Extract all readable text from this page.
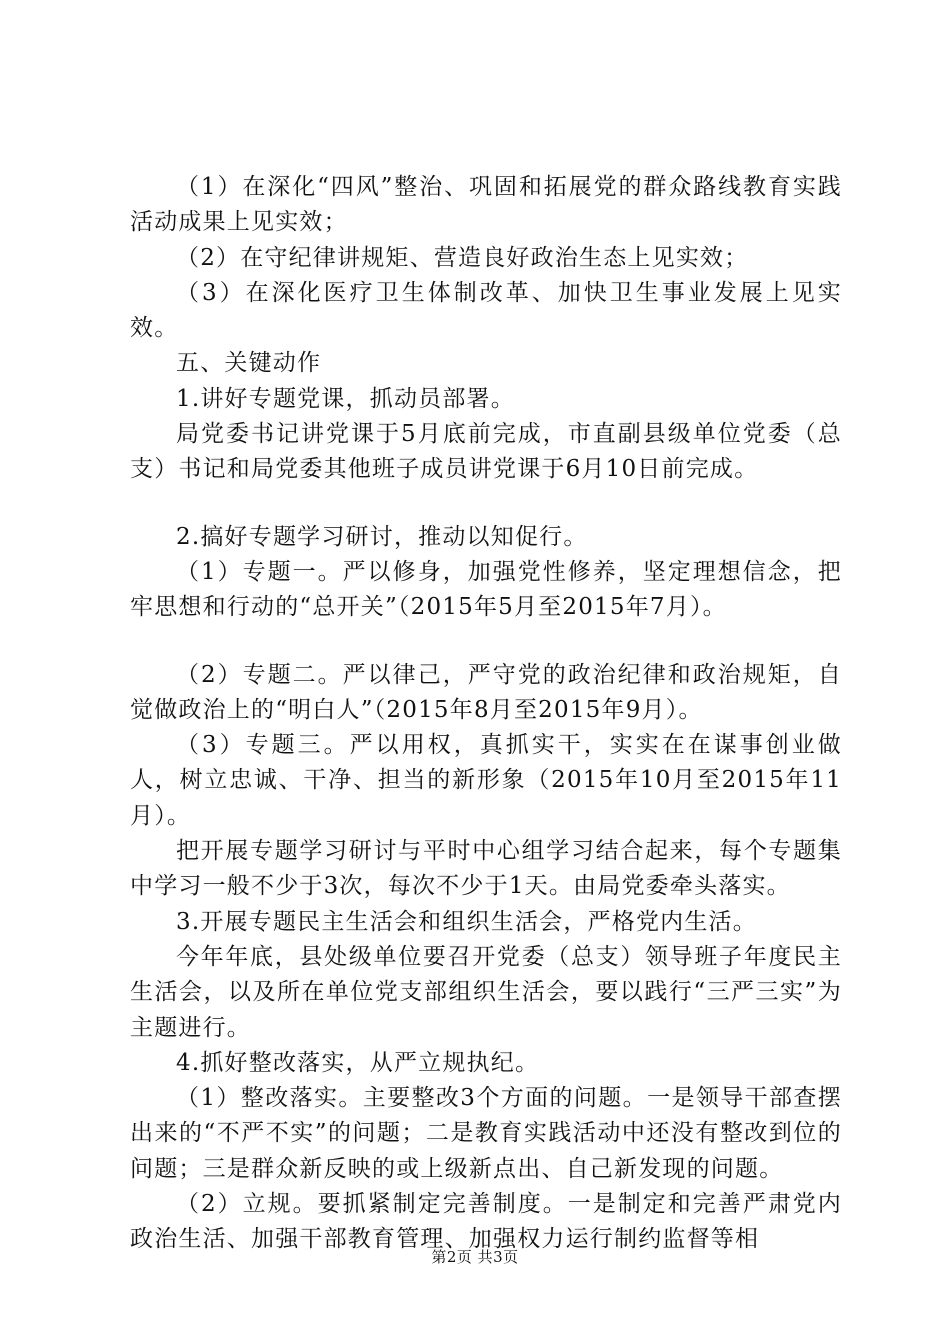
（1）在深化“四风”整治、巩固和拓展党的群众路线教育实践活动成果上见实效；

（2）在守纪律讲规矩、营造良好政治生态上见实效；

（3）在深化医疗卫生体制改革、加快卫生事业发展上见实效。

五、关键动作

1.讲好专题党课，抓动员部署。

局党委书记讲党课于5月底前完成，市直副县级单位党委（总支）书记和局党委其他班子成员讲党课于6月10日前完成。

2.搞好专题学习研讨，推动以知促行。

（1）专题一。严以修身，加强党性修养，坚定理想信念，把牢思想和行动的“总开关”（2015年5月至2015年7月）。

（2）专题二。严以律己，严守党的政治纪律和政治规矩，自觉做政治上的“明白人”（2015年8月至2015年9月）。

（3）专题三。严以用权，真抓实干，实实在在谋事创业做人，树立忠诚、干净、担当的新形象（2015年10月至2015年11月）。

把开展专题学习研讨与平时中心组学习结合起来，每个专题集中学习一般不少于3次，每次不少于1天。由局党委牵头落实。

3.开展专题民主生活会和组织生活会，严格党内生活。

今年年底，县处级单位要召开党委（总支）领导班子年度民主生活会，以及所在单位党支部组织生活会，要以践行“三严三实”为主题进行。

4.抓好整改落实，从严立规执纪。

（1）整改落实。主要整改3个方面的问题。一是领导干部查摆出来的“不严不实”的问题；二是教育实践活动中还没有整改到位的问题；三是群众新反映的或上级新点出、自己新发现的问题。

（2）立规。要抓紧制定完善制度。一是制定和完善严肃党内政治生活、加强干部教育管理、加强权力运行制约监督等相

第2页 共3页
